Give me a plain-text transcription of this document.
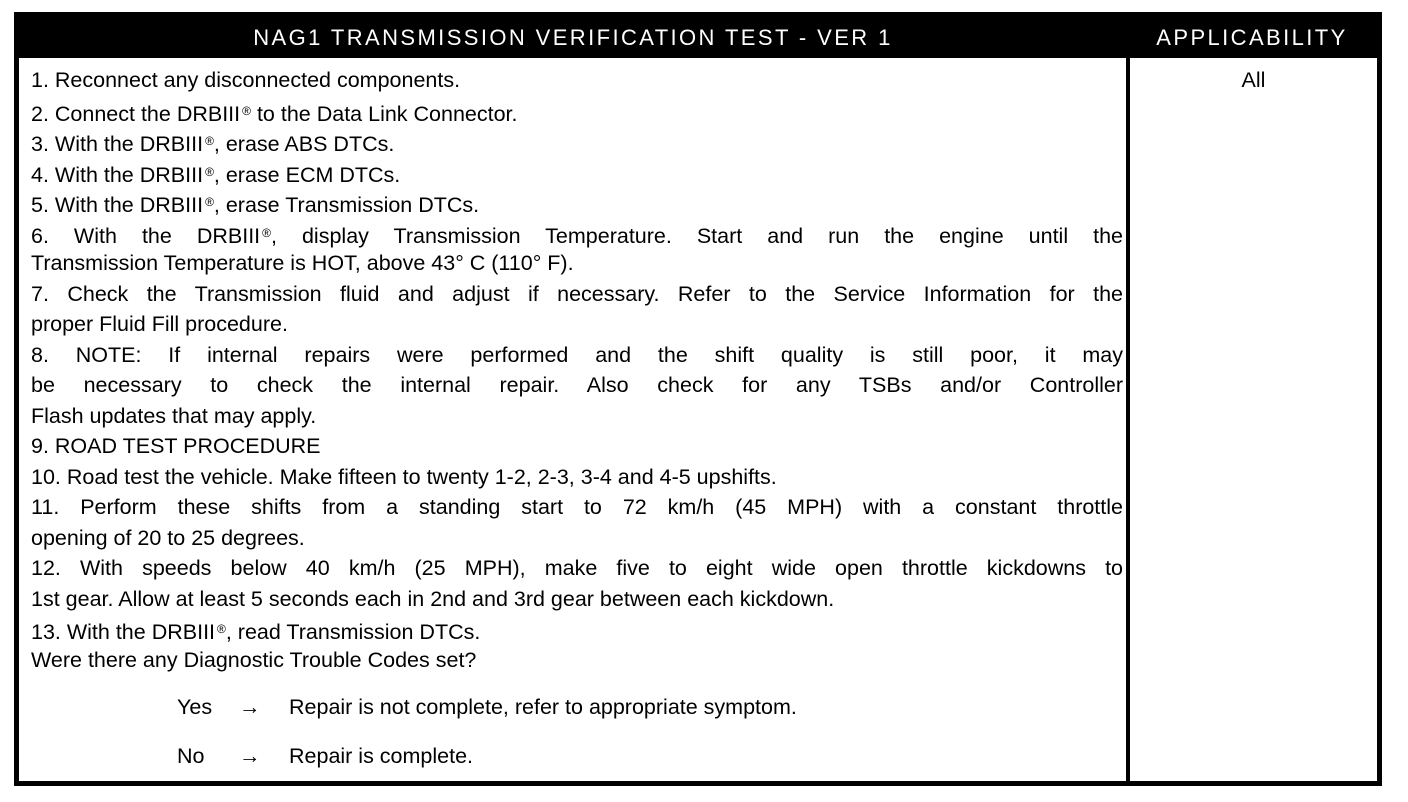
NAG1 TRANSMISSION VERIFICATION TEST - VER 1	APPLICABILITY
1. Reconnect any disconnected components.
2. Connect the DRBIII ® to the Data Link Connector.
3. With the DRBIII ®, erase ABS DTCs.
4. With the DRBIII ®, erase ECM DTCs.
5. With the DRBIII ®, erase Transmission DTCs.
6. With the DRBIII ®, display Transmission Temperature. Start and run the engine until the
Transmission Temperature is HOT, above 43° C (110° F).
7. Check the Transmission fluid and adjust if necessary. Refer to the Service Information for the
proper Fluid Fill procedure.
8. NOTE: If internal repairs were performed and the shift quality is still poor, it may
be necessary to check the internal repair. Also check for any TSBs and/or Controller
Flash updates that may apply.
9. ROAD TEST PROCEDURE
10. Road test the vehicle. Make fifteen to twenty 1-2, 2-3, 3-4 and 4-5 upshifts.
11. Perform these shifts from a standing start to 72 km/h (45 MPH) with a constant throttle
opening of 20 to 25 degrees.
12. With speeds below 40 km/h (25 MPH), make five to eight wide open throttle kickdowns to
1st gear. Allow at least 5 seconds each in 2nd and 3rd gear between each kickdown.
13. With the DRBIII ®, read Transmission DTCs.
Were there any Diagnostic Trouble Codes set?
Yes → Repair is not complete, refer to appropriate symptom.
No → Repair is complete.
All
